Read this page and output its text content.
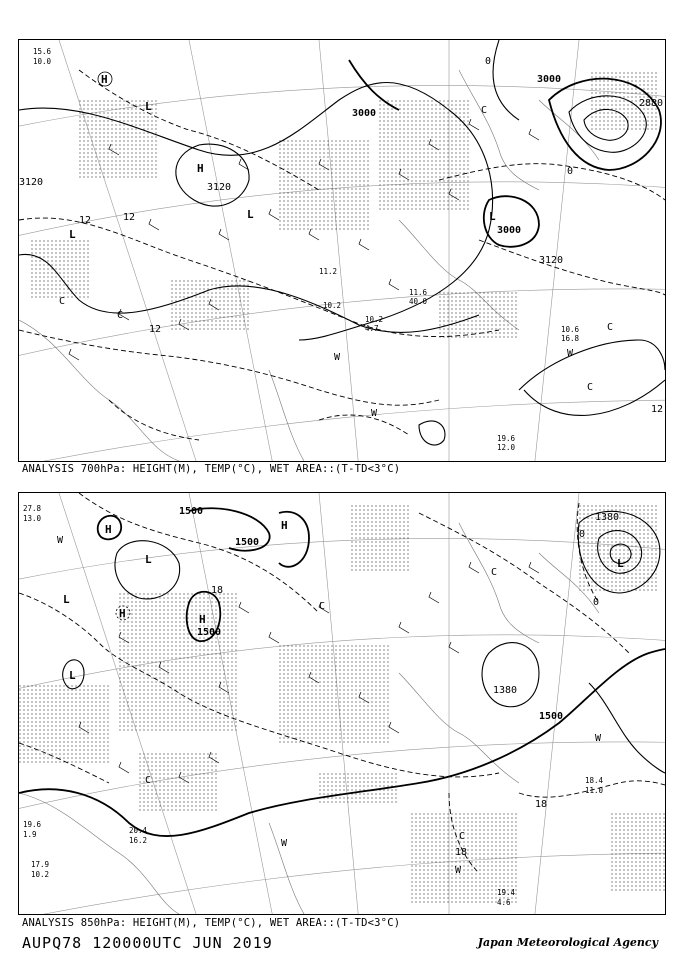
3000
3000
3000
3120	3120
3120
2880
12	12
12
12
0
0
H
H
L
L
L	L
W
W
W
C
C
C
C
C
15.6
10.0
10.2
4.7	10.6
16.8
19.6
12.0
11.6
40.0
11.2
10.2
ANALYSIS 700hPa: HEIGHT(M), TEMP(°C), WET AREA::(T-TD<3°C)
1500
1500
1500
1500
1380
1380
18
18
18
0
0
H	H
H
H
L
L
L
L
W
W
W
W
C
C
C
C
27.8
13.0
19.6
1.9
17.9
10.2
20.4
16.2
18.4
11.0
19.4
4.6
ANALYSIS 850hPa: HEIGHT(M), TEMP(°C), WET AREA::(T-TD<3°C)
AUPQ78 120000UTC JUN 2019	Japan Meteorological Agency
